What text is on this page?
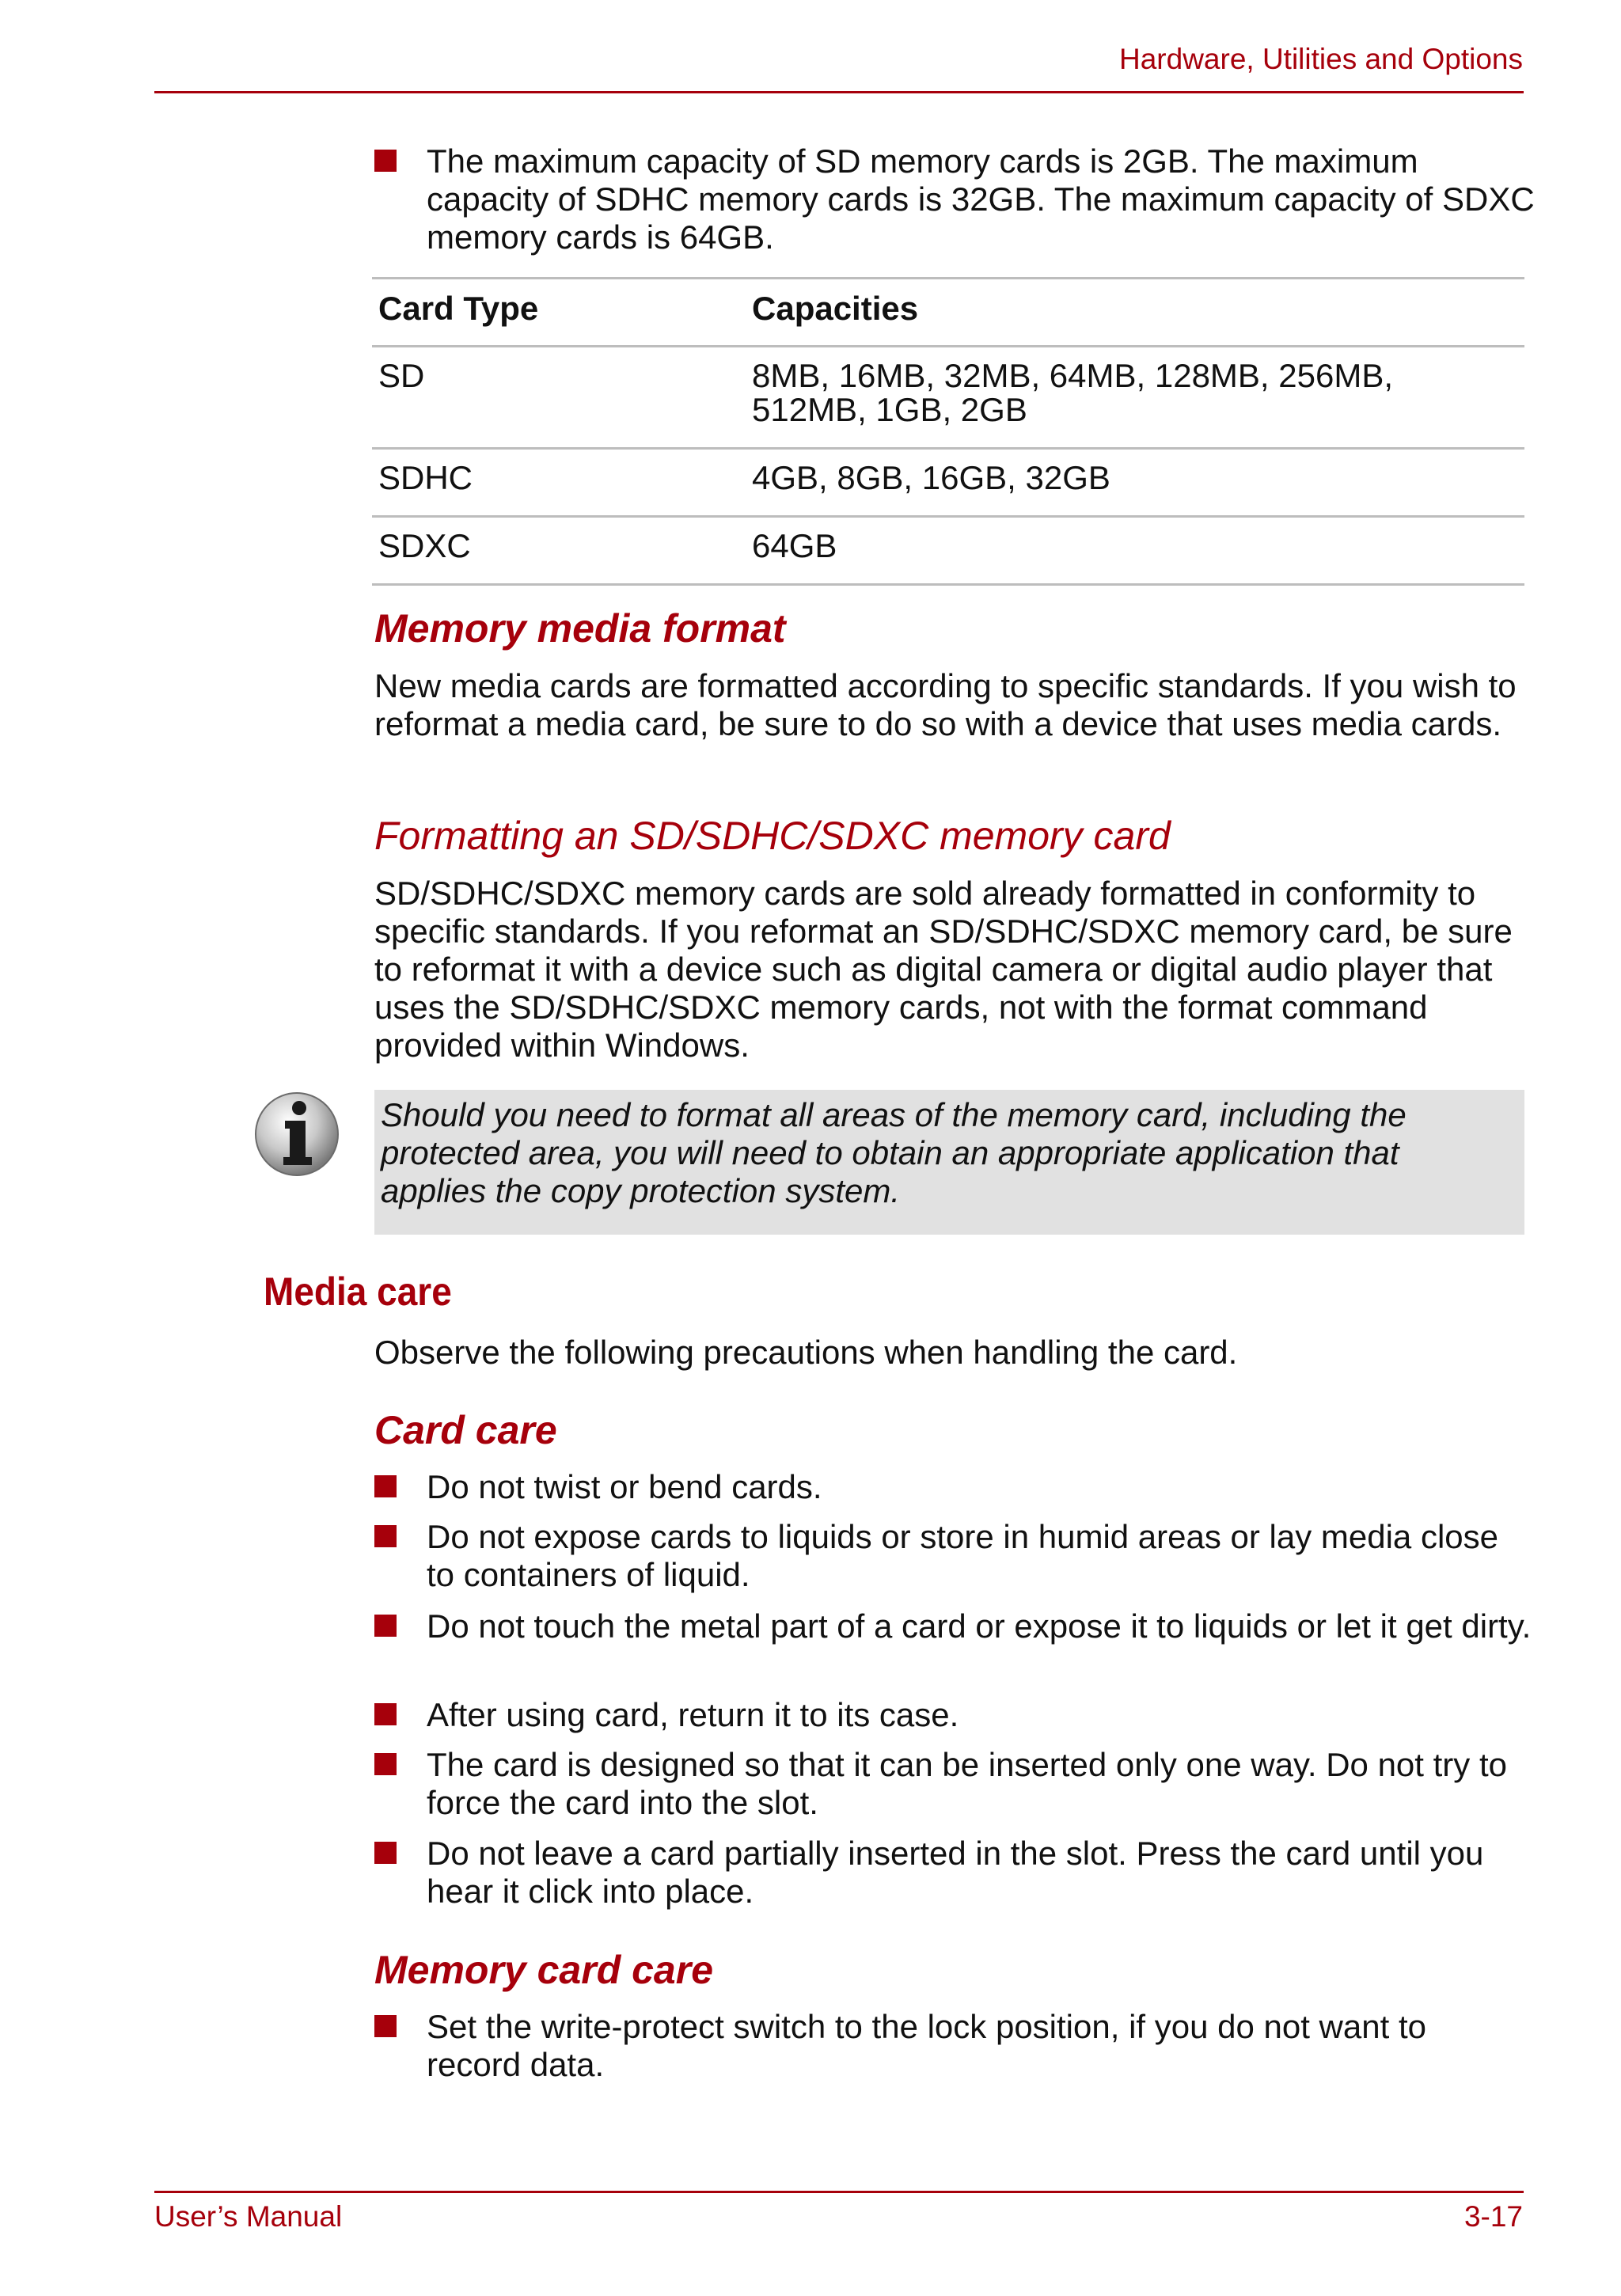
Hardware, Utilities and Options
The maximum capacity of SD memory cards is 2GB. The maximum capacity of SDHC memory cards is 32GB. The maximum capacity of SDXC memory cards is 64GB.
Card Type	Capacities
SD	8MB, 16MB, 32MB, 64MB, 128MB, 256MB, 512MB, 1GB, 2GB
SDHC	4GB, 8GB, 16GB, 32GB
SDXC	64GB
Memory media format
New media cards are formatted according to specific standards. If you wish to reformat a media card, be sure to do so with a device that uses media cards.
Formatting an SD/SDHC/SDXC memory card
SD/SDHC/SDXC memory cards are sold already formatted in conformity to specific standards. If you reformat an SD/SDHC/SDXC memory card, be sure to reformat it with a device such as digital camera or digital audio player that uses the SD/SDHC/SDXC memory cards, not with the format command provided within Windows.
Should you need to format all areas of the memory card, including the protected area, you will need to obtain an appropriate application that applies the copy protection system.
Media care
Observe the following precautions when handling the card.
Card care
Do not twist or bend cards.
Do not expose cards to liquids or store in humid areas or lay media close to containers of liquid.
Do not touch the metal part of a card or expose it to liquids or let it get dirty.
After using card, return it to its case.
The card is designed so that it can be inserted only one way. Do not try to force the card into the slot.
Do not leave a card partially inserted in the slot. Press the card until you hear it click into place.
Memory card care
Set the write-protect switch to the lock position, if you do not want to record data.
User’s Manual	3-17
